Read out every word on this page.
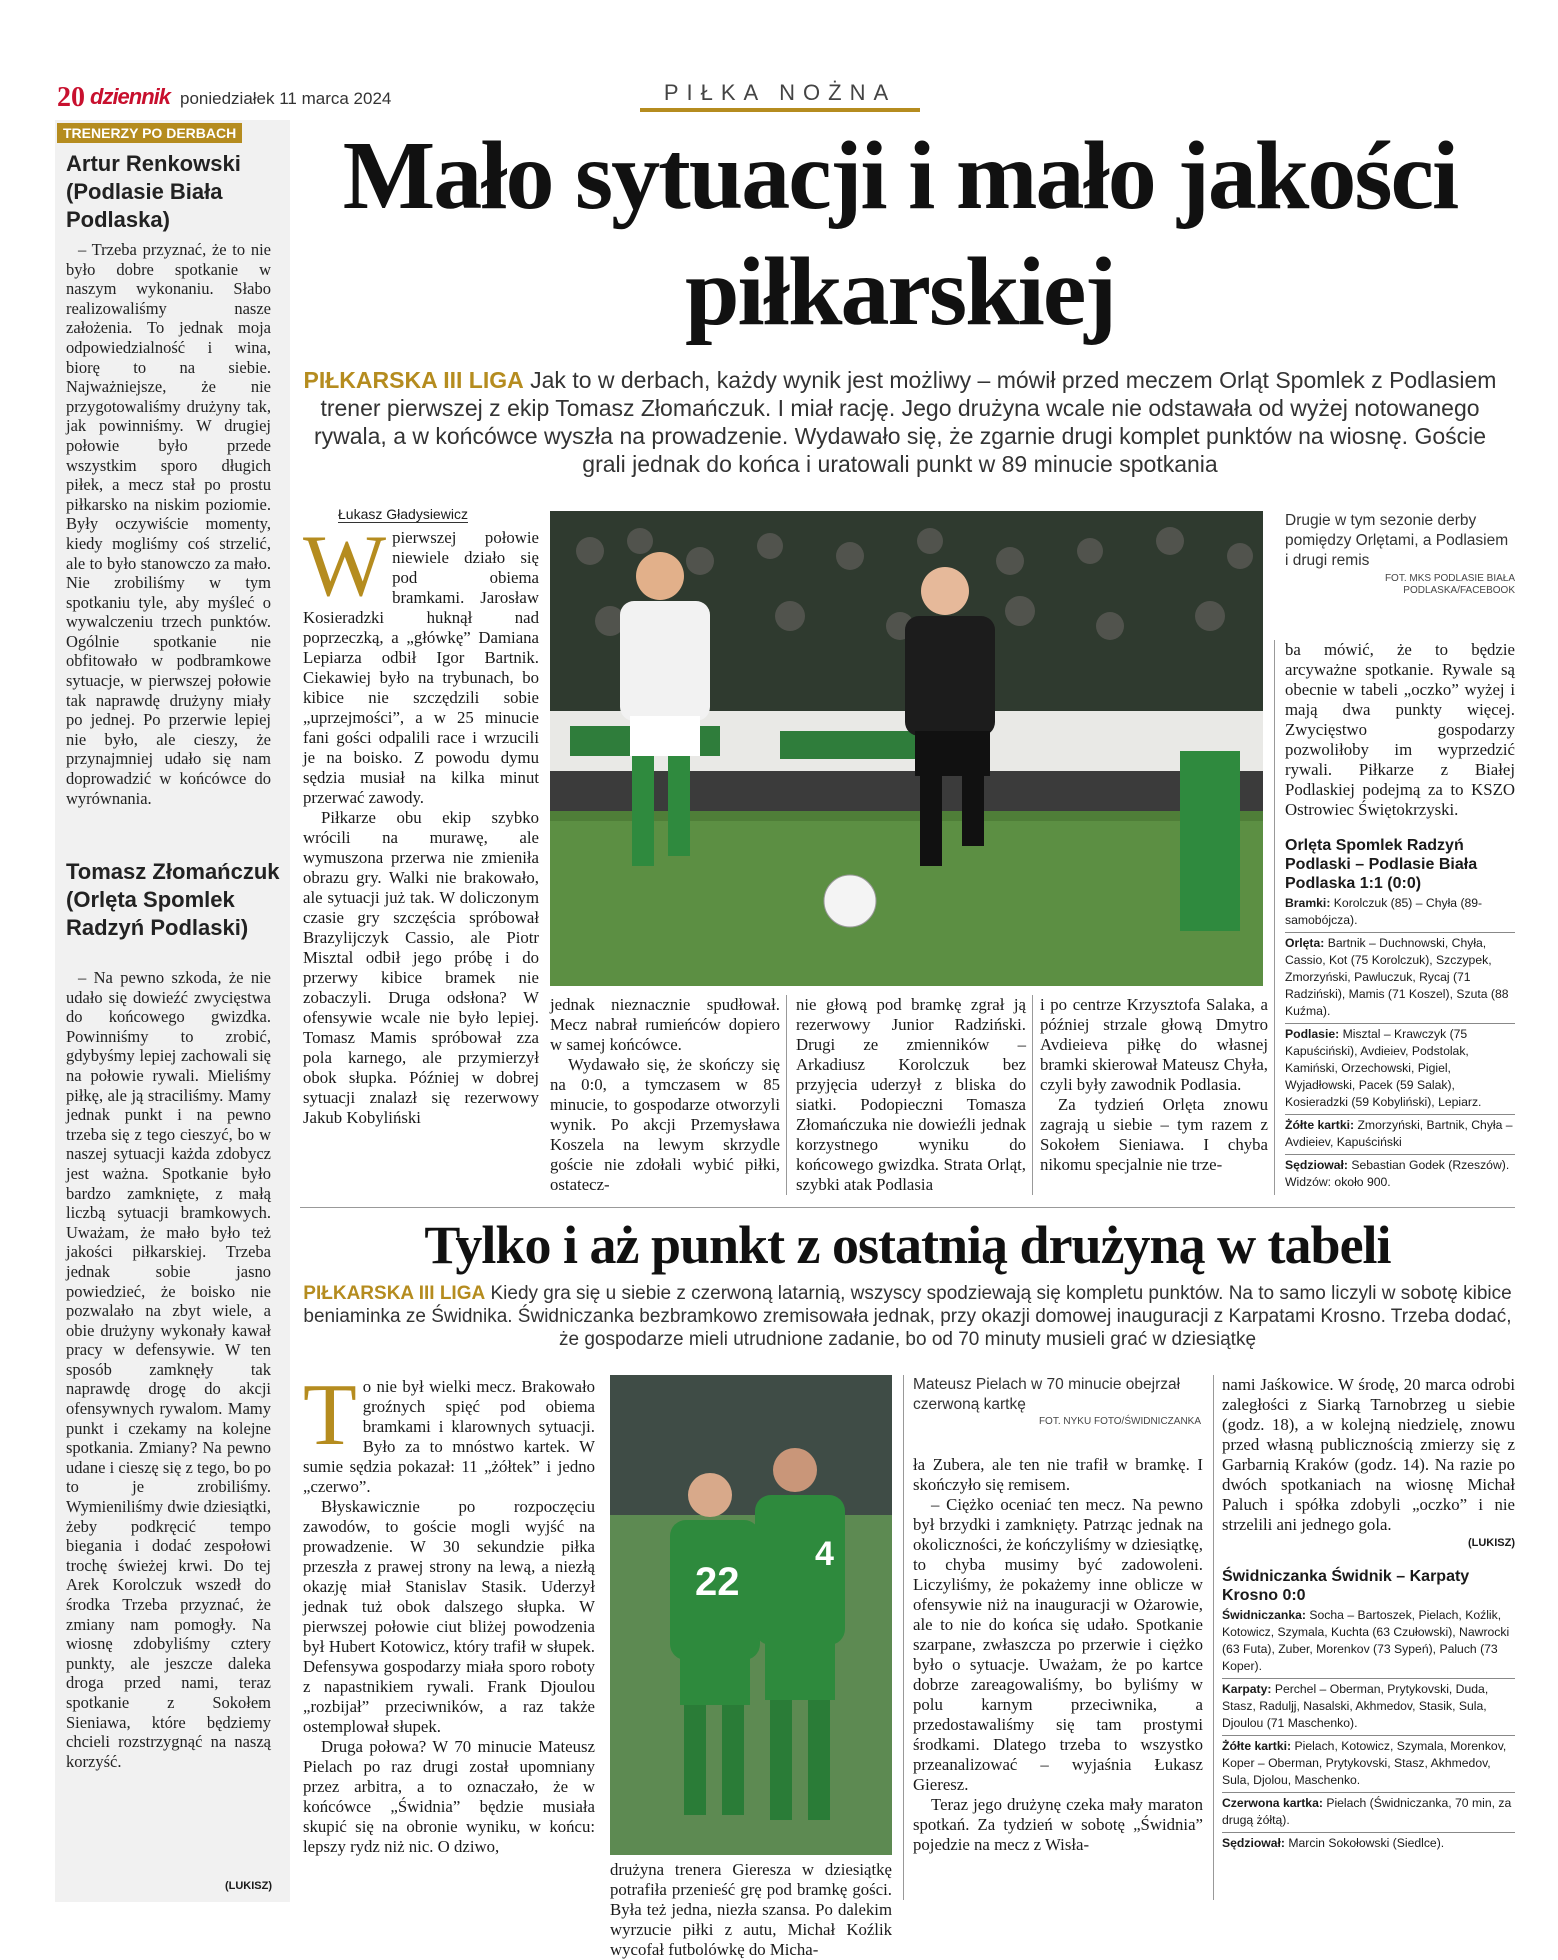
20 dziennik poniedziałek 11 marca 2024	PIŁKA NOŻNA
TRENERZY PO DERBACH
Artur Renkowski (Podlasie Biała Podlaska)
– Trzeba przyznać, że to nie było dobre spotkanie w naszym wykonaniu. Słabo realizowaliśmy nasze założenia. To jednak moja odpowiedzialność i wina, biorę to na siebie. Najważniejsze, że nie przygotowaliśmy drużyny tak, jak powinniśmy. W drugiej połowie było przede wszystkim sporo długich piłek, a mecz stał po prostu piłkarsko na niskim poziomie. Były oczywiście momenty, kiedy mogliśmy coś strzelić, ale to było stanowczo za mało. Nie zrobiliśmy w tym spotkaniu tyle, aby myśleć o wywalczeniu trzech punktów. Ogólnie spotkanie nie obfitowało w podbramkowe sytuacje, w pierwszej połowie tak naprawdę drużyny miały po jednej. Po przerwie lepiej nie było, ale cieszy, że przynajmniej udało się nam doprowadzić w końcówce do wyrównania.
Tomasz Złomańczuk (Orlęta Spomlek Radzyń Podlaski)
– Na pewno szkoda, że nie udało się dowieźć zwycięstwa do końcowego gwizdka. Powinniśmy to zrobić, gdybyśmy lepiej zachowali się na połowie rywali. Mieliśmy piłkę, ale ją straciliśmy. Mamy jednak punkt i na pewno trzeba się z tego cieszyć, bo w naszej sytuacji każda zdobycz jest ważna. Spotkanie było bardzo zamknięte, z małą liczbą sytuacji bramkowych. Uważam, że mało było też jakości piłkarskiej. Trzeba jednak sobie jasno powiedzieć, że boisko nie pozwalało na zbyt wiele, a obie drużyny wykonały kawał pracy w defensywie. W ten sposób zamknęły tak naprawdę drogę do akcji ofensywnych rywalom. Mamy punkt i czekamy na kolejne spotkania. Zmiany? Na pewno udane i cieszę się z tego, bo po to je zrobiliśmy. Wymieniliśmy dwie dziesiątki, żeby podkręcić tempo biegania i dodać zespołowi trochę świeżej krwi. Do tej Arek Korolczuk wszedł do środka Trzeba przyznać, że zmiany nam pomogły. Na wiosnę zdobyliśmy cztery punkty, ale jeszcze daleka droga przed nami, teraz spotkanie z Sokołem Sieniawa, które będziemy chcieli rozstrzygnąć na naszą korzyść.
(LUKISZ)
Mało sytuacji i mało jakości piłkarskiej
PIŁKARSKA III LIGA Jak to w derbach, każdy wynik jest możliwy – mówił przed meczem Orląt Spomlek z Podlasiem trener pierwszej z ekip Tomasz Złomańczuk. I miał rację. Jego drużyna wcale nie odstawała od wyżej notowanego rywala, a w końcówce wyszła na prowadzenie. Wydawało się, że zgarnie drugi komplet punktów na wiosnę. Goście grali jednak do końca i uratowali punkt w 89 minucie spotkania
Łukasz Gładysiewicz
Wpierwszej połowie niewiele działo się pod obiema bramkami. Jarosław Kosieradzki huknął nad poprzeczką, a „główkę” Damiana Lepiarza odbił Igor Bartnik. Ciekawiej było na trybunach, bo kibice nie szczędzili sobie „uprzejmości”, a w 25 minucie fani gości odpalili race i wrzucili je na boisko. Z powodu dymu sędzia musiał na kilka minut przerwać zawody.
Piłkarze obu ekip szybko wrócili na murawę, ale wymuszona przerwa nie zmieniła obrazu gry. Walki nie brakowało, ale sytuacji już tak. W doliczonym czasie gry szczęścia spróbował Brazylijczyk Cassio, ale Piotr Misztal odbił jego próbę i do przerwy kibice bramek nie zobaczyli. Druga odsłona? W ofensywie wcale nie było lepiej. Tomasz Mamis spróbował zza pola karnego, ale przymierzył obok słupka. Później w dobrej sytuacji znalazł się rezerwowy Jakub Kobyliński
Drugie w tym sezonie derby pomiędzy Orlętami, a Podlasiem i drugi remis
FOT. MKS PODLASIE BIAŁA PODLASKA/FACEBOOK
jednak nieznacznie spudłował. Mecz nabrał rumieńców dopiero w samej końcówce.
Wydawało się, że skończy się na 0:0, a tymczasem w 85 minucie, to gospodarze otworzyli wynik. Po akcji Przemysława Koszela na lewym skrzydle goście nie zdołali wybić piłki, ostatecz-
nie głową pod bramkę zgrał ją rezerwowy Junior Radziński. Drugi ze zmienników – Arkadiusz Korolczuk bez przyjęcia uderzył z bliska do siatki. Podopieczni Tomasza Złomańczuka nie dowieźli jednak korzystnego wyniku do końcowego gwizdka. Strata Orląt, szybki atak Podlasia
i po centrze Krzysztofa Salaka, a później strzale głową Dmytro Avdieieva piłkę do własnej bramki skierował Mateusz Chyła, czyli były zawodnik Podlasia.
Za tydzień Orlęta znowu zagrają u siebie – tym razem z Sokołem Sieniawa. I chyba nikomu specjalnie nie trze-
ba mówić, że to będzie arcyważne spotkanie. Rywale są obecnie w tabeli „oczko” wyżej i mają dwa punkty więcej. Zwycięstwo gospodarzy pozwoliłoby im wyprzedzić rywali. Piłkarze z Białej Podlaskiej podejmą za to KSZO Ostrowiec Świętokrzyski.
Orlęta Spomlek Radzyń Podlaski – Podlasie Biała Podlaska 1:1 (0:0)
Bramki: Korolczuk (85) – Chyła (89-samobójcza).
Orlęta: Bartnik – Duchnowski, Chyła, Cassio, Kot (75 Korolczuk), Szczypek, Zmorzyński, Pawluczuk, Rycaj (71 Radziński), Mamis (71 Koszel), Szuta (88 Kuźma).
Podlasie: Misztal – Krawczyk (75 Kapuściński), Avdieiev, Podstolak, Kamiński, Orzechowski, Pigiel, Wyjadłowski, Pacek (59 Salak), Kosieradzki (59 Kobyliński), Lepiarz.
Żółte kartki: Zmorzyński, Bartnik, Chyła – Avdieiev, Kapuściński
Sędziował: Sebastian Godek (Rzeszów). Widzów: około 900.
Tylko i aż punkt z ostatnią drużyną w tabeli
PIŁKARSKA III LIGA Kiedy gra się u siebie z czerwoną latarnią, wszyscy spodziewają się kompletu punktów. Na to samo liczyli w sobotę kibice beniaminka ze Świdnika. Świdniczanka bezbramkowo zremisowała jednak, przy okazji domowej inauguracji z Karpatami Krosno. Trzeba dodać, że gospodarze mieli utrudnione zadanie, bo od 70 minuty musieli grać w dziesiątkę
To nie był wielki mecz. Brakowało groźnych spięć pod obiema bramkami i klarownych sytuacji. Było za to mnóstwo kartek. W sumie sędzia pokazał: 11 „żółtek” i jedno „czerwo”.
Błyskawicznie po rozpoczęciu zawodów, to goście mogli wyjść na prowadzenie. W 30 sekundzie piłka przeszła z prawej strony na lewą, a niezłą okazję miał Stanislav Stasik. Uderzył jednak tuż obok dalszego słupka. W pierwszej połowie ciut bliżej powodzenia był Hubert Kotowicz, który trafił w słupek. Defensywa gospodarzy miała sporo roboty z napastnikiem rywali. Frank Djoulou „rozbijał” przeciwników, a raz także ostemplował słupek.
Druga połowa? W 70 minucie Mateusz Pielach po raz drugi został upomniany przez arbitra, a to oznaczało, że w końcówce „Świdnia” będzie musiała skupić się na obronie wyniku, w końcu: lepszy rydz niż nic. O dziwo,
22
4
Mateusz Pielach w 70 minucie obejrzał czerwoną kartkę
FOT. NYKU FOTO/ŚWIDNICZANKA
drużyna trenera Gieresza w dziesiątkę potrafiła przenieść grę pod bramkę gości. Była też jedna, niezła szansa. Po dalekim wyrzucie piłki z autu, Michał Koźlik wycofał futbolówkę do Micha-
ła Zubera, ale ten nie trafił w bramkę. I skończyło się remisem.
– Ciężko oceniać ten mecz. Na pewno był brzydki i zamknięty. Patrząc jednak na okoliczności, że kończyliśmy w dziesiątkę, to chyba musimy być zadowoleni. Liczyliśmy, że pokażemy inne oblicze w ofensywie niż na inauguracji w Ożarowie, ale to nie do końca się udało. Spotkanie szarpane, zwłaszcza po przerwie i ciężko było o sytuacje. Uważam, że po kartce dobrze zareagowaliśmy, bo byliśmy w polu karnym przeciwnika, a przedostawaliśmy się tam prostymi środkami. Dlatego trzeba to wszystko przeanalizować – wyjaśnia Łukasz Gieresz.
Teraz jego drużynę czeka mały maraton spotkań. Za tydzień w sobotę „Świdnia” pojedzie na mecz z Wisła-
nami Jaśkowice. W środę, 20 marca odrobi zaległości z Siarką Tarnobrzeg u siebie (godz. 18), a w kolejną niedzielę, znowu przed własną publicznością zmierzy się z Garbarnią Kraków (godz. 14). Na razie po dwóch spotkaniach na wiosnę Michał Paluch i spółka zdobyli „oczko” i nie strzelili ani jednego gola.
(LUKISZ)
Świdniczanka Świdnik – Karpaty Krosno 0:0
Świdniczanka: Socha – Bartoszek, Pielach, Koźlik, Kotowicz, Szymala, Kuchta (63 Czułowski), Nawrocki (63 Futa), Zuber, Morenkov (73 Sypeń), Paluch (73 Koper).
Karpaty: Perchel – Oberman, Prytykovski, Duda, Stasz, Raduljj, Nasalski, Akhmedov, Stasik, Sula, Djoulou (71 Maschenko).
Żółte kartki: Pielach, Kotowicz, Szymala, Morenkov, Koper – Oberman, Prytykovski, Stasz, Akhmedov, Sula, Djolou, Maschenko.
Czerwona kartka: Pielach (Świdniczanka, 70 min, za drugą żółtą).
Sędziował: Marcin Sokołowski (Siedlce).
